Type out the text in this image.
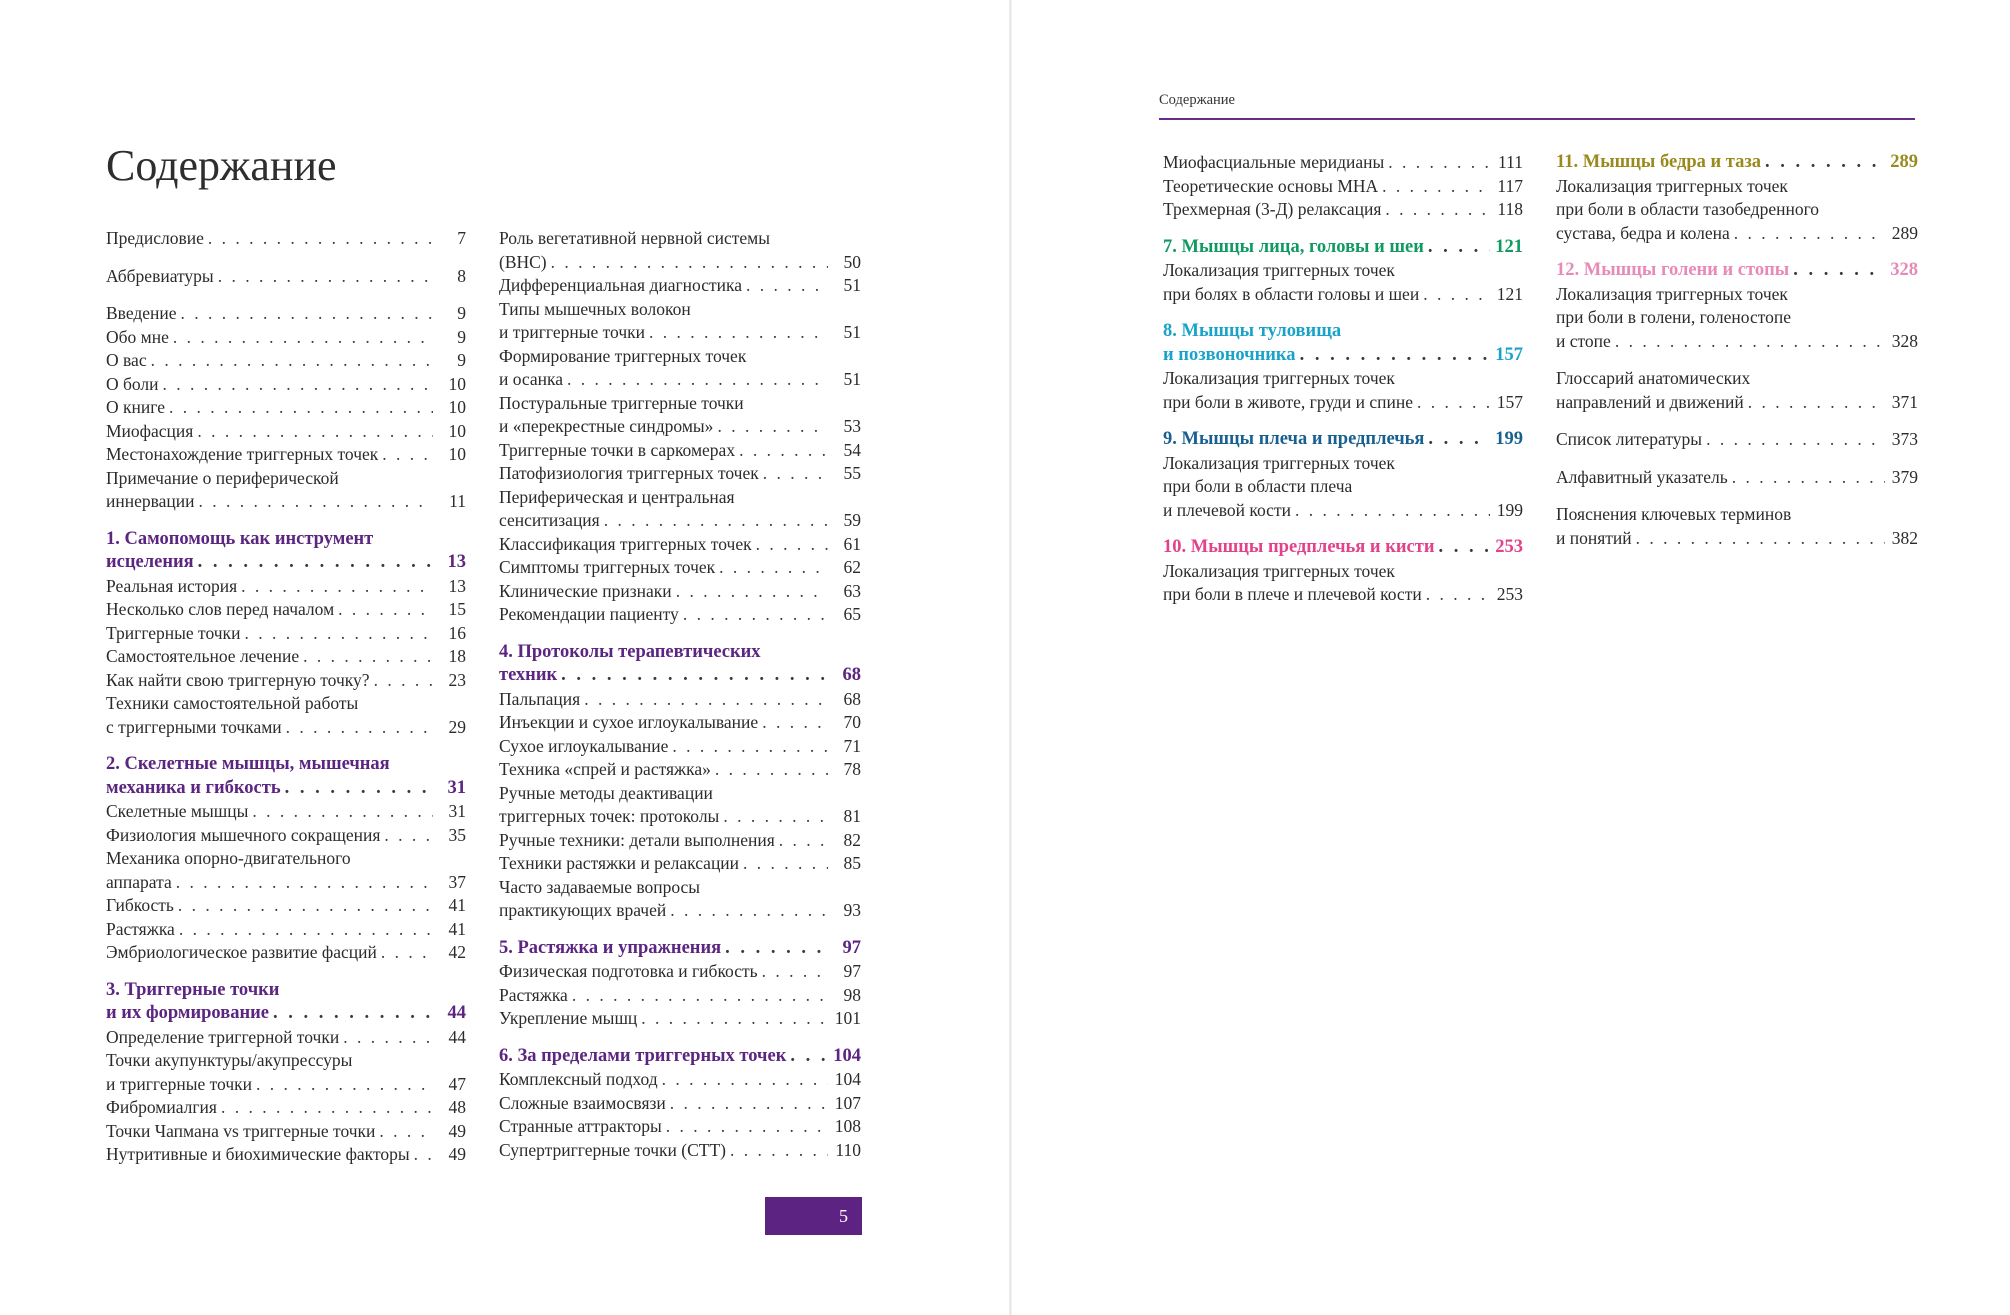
Содержание
Предисловие . . .	7
Аббревиатуры . . .	8
Введение . . .	9
Обо мне . . .	9
О вас . . .	9
О боли . . .	10
О книге . . .	10
Миофасция . . .	10
Местонахождение триггерных точек . . .	10
Примечание о периферической
иннервации . . .	11
1. Самопомощь как инструмент
исцеления . . .	13
Реальная история . . .	13
Несколько слов перед началом . . .	15
Триггерные точки . . .	16
Самостоятельное лечение . . .	18
Как найти свою триггерную точку? . . .	23
Техники самостоятельной работы
с триггерными точками . . .	29
2. Скелетные мышцы, мышечная
механика и гибкость . . .	31
Скелетные мышцы . . .	31
Физиология мышечного сокращения . . .	35
Механика опорно-двигательного
аппарата . . .	37
Гибкость . . .	41
Растяжка . . .	41
Эмбриологическое развитие фасций . . .	42
3. Триггерные точки
и их формирование . . .	44
Определение триггерной точки . . .	44
Точки акупунктуры/акупрессуры
и триггерные точки . . .	47
Фибромиалгия . . .	48
Точки Чапмана vs триггерные точки . . .	49
Нутритивные и биохимические факторы . . .	49
Роль вегетативной нервной системы
(ВНС) . . .	50
Дифференциальная диагностика . . .	51
Типы мышечных волокон
и триггерные точки . . .	51
Формирование триггерных точек
и осанка . . .	51
Постуральные триггерные точки
и «перекрестные синдромы» . . .	53
Триггерные точки в саркомерах . . .	54
Патофизиология триггерных точек . . .	55
Периферическая и центральная
сенситизация . . .	59
Классификация триггерных точек . . .	61
Симптомы триггерных точек . . .	62
Клинические признаки . . .	63
Рекомендации пациенту . . .	65
4. Протоколы терапевтических
техник . . .	68
Пальпация . . .	68
Инъекции и сухое иглоукалывание . . .	70
Сухое иглоукалывание . . .	71
Техника «спрей и растяжка» . . .	78
Ручные методы деактивации
триггерных точек: протоколы . . .	81
Ручные техники: детали выполнения . . .	82
Техники растяжки и релаксации . . .	85
Часто задаваемые вопросы
практикующих врачей . . .	93
5. Растяжка и упражнения . . .	97
Физическая подготовка и гибкость . . .	97
Растяжка . . .	98
Укрепление мышц . . .	101
6. За пределами триггерных точек . . .	104
Комплексный подход . . .	104
Сложные взаимосвязи . . .	107
Странные аттракторы . . .	108
Супертриггерные точки (СТТ) . . .	110
5
Содержание
Миофасциальные меридианы . . .	111
Теоретические основы МНА . . .	117
Трехмерная (3-Д) релаксация . . .	118
7. Мышцы лица, головы и шеи . . .	121
Локализация триггерных точек
при болях в области головы и шеи . . .	121
8. Мышцы туловища
и позвоночника . . .	157
Локализация триггерных точек
при боли в животе, груди и спине . . .	157
9. Мышцы плеча и предплечья . . .	199
Локализация триггерных точек
при боли в области плеча
и плечевой кости . . .	199
10. Мышцы предплечья и кисти . . .	253
Локализация триггерных точек
при боли в плече и плечевой кости . . .	253
11. Мышцы бедра и таза . . .	289
Локализация триггерных точек
при боли в области тазобедренного
сустава, бедра и колена . . .	289
12. Мышцы голени и стопы . . .	328
Локализация триггерных точек
при боли в голени, голеностопе
и стопе . . .	328
Глоссарий анатомических
направлений и движений . . .	371
Список литературы . . .	373
Алфавитный указатель . . .	379
Пояснения ключевых терминов
и понятий . . .	382
